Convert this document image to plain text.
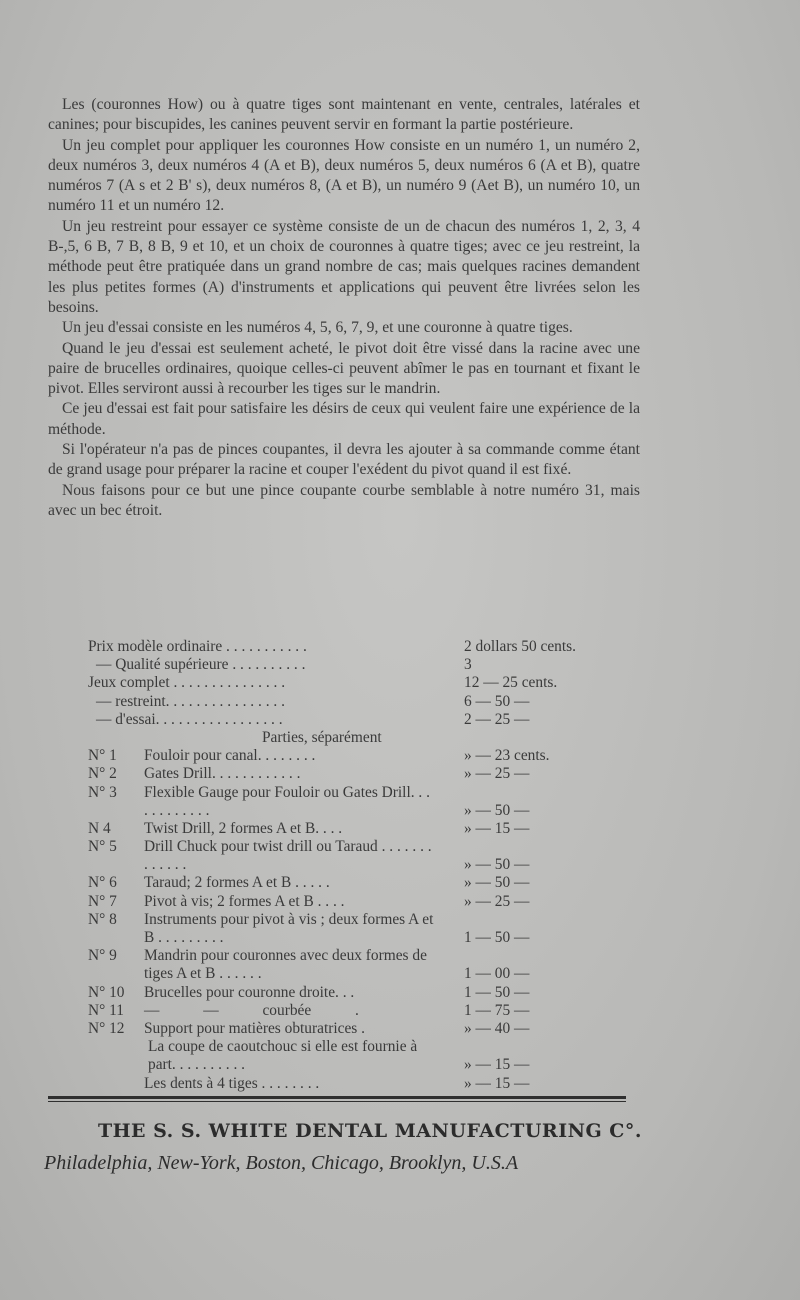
Les (couronnes How) ou à quatre tiges sont maintenant en vente, centrales, latérales et canines; pour biscupides, les canines peuvent servir en formant la partie postérieure.

Un jeu complet pour appliquer les couronnes How consiste en un numéro 1, un numéro 2, deux numéros 3, deux numéros 4 (A et B), deux numéros 5, deux numéros 6 (A et B), quatre numéros 7 (A s et 2 B' s), deux numéros 8, (A et B), un numéro 9 (Aet B), un numéro 10, un numéro 11 et un numéro 12.

Un jeu restreint pour essayer ce système consiste de un de chacun des numéros 1, 2, 3, 4 B-,5, 6 B, 7 B, 8 B, 9 et 10, et un choix de couronnes à quatre tiges; avec ce jeu restreint, la méthode peut être pratiquée dans un grand nombre de cas; mais quelques racines demandent les plus petites formes (A) d'instruments et applications qui peuvent être livrées selon les besoins.

Un jeu d'essai consiste en les numéros 4, 5, 6, 7, 9, et une couronne à quatre tiges.

Quand le jeu d'essai est seulement acheté, le pivot doit être vissé dans la racine avec une paire de brucelles ordinaires, quoique celles-ci peuvent abîmer le pas en tournant et fixant le pivot. Elles serviront aussi à recourber les tiges sur le mandrin.

Ce jeu d'essai est fait pour satisfaire les désirs de ceux qui veulent faire une expérience de la méthode.

Si l'opérateur n'a pas de pinces coupantes, il devra les ajouter à sa commande comme étant de grand usage pour préparer la racine et couper l'exédent du pivot quand il est fixé.

Nous faisons pour ce but une pince coupante courbe semblable à notre numéro 31, mais avec un bec étroit.

Prix modèle ordinaire . . . . . . . . . . .	2 dollars 50 cents.
— Qualité supérieure . . . . . . . . . .	3
Jeux complet . . . . . . . . . . . . . . .	12 — 25 cents.
— restreint. . . . . . . . . . . . . . . .	6 — 50 —
— d'essai. . . . . . . . . . . . . . . . .	2 — 25 —
Parties, séparément
N° 1	Fouloir pour canal. . . . . . . .	» — 23 cents.
N° 2	Gates Drill. . . . . . . . . . . .	» — 25 —
N° 3	Flexible Gauge pour Fouloir ou Gates Drill. . . . . . . . . . . .	» — 50 —
N 4	Twist Drill, 2 formes A et B. . . .	» — 15 —
N° 5	Drill Chuck pour twist drill ou Taraud . . . . . . . . . . . . .	» — 50 —
N° 6	Taraud; 2 formes A et B . . . . .	» — 50 —
N° 7	Pivot à vis; 2 formes A et B . . . .	» — 25 —
N° 8	Instruments pour pivot à vis ; deux formes A et B . . . . . . . . .	1 — 50 —
N° 9	Mandrin pour couronnes avec deux formes de tiges A et B . . . . . .	1 — 00 —
N° 10	Brucelles pour couronne droite. . .	1 — 50 —
N° 11	— — courbée .	1 — 75 —
N° 12	Support pour matières obturatrices .	» — 40 —
La coupe de caoutchouc si elle est fournie à part. . . . . . . . . .	» — 15 —
Les dents à 4 tiges . . . . . . . .	» — 15 —
THE S. S. WHITE DENTAL MANUFACTURING C°.
Philadelphia, New-York, Boston, Chicago, Brooklyn, U.S.A
